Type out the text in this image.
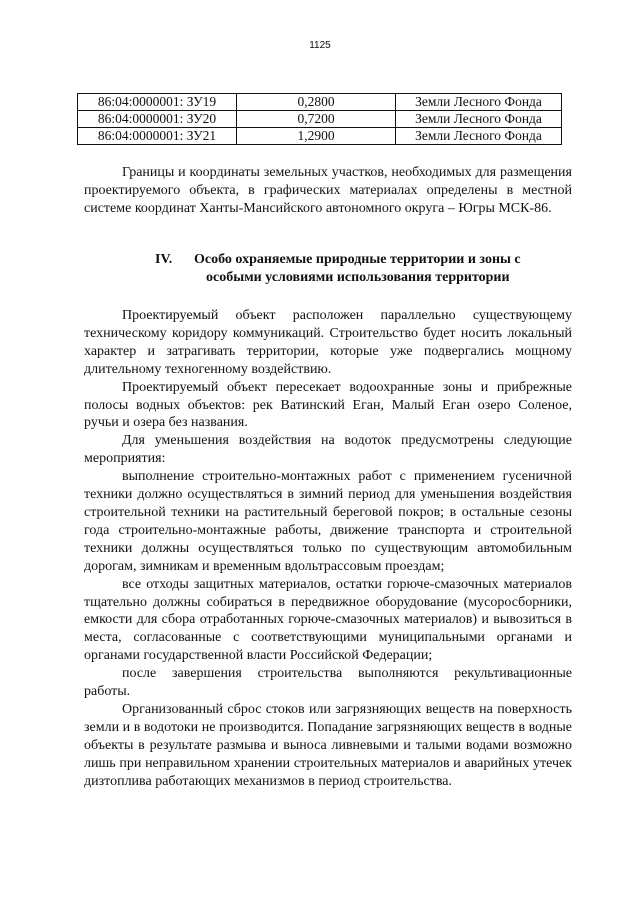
1125
86:04:0000001: ЗУ19	0,2800	Земли Лесного Фонда
86:04:0000001: ЗУ20	0,7200	Земли Лесного Фонда
86:04:0000001: ЗУ21	1,2900	Земли Лесного Фонда

Границы и координаты земельных участков, необходимых для размещения проектируемого объекта, в графических материалах определены в местной системе координат Ханты-Мансийского автономного округа – Югры МСК-86.

IV. Особо охраняемые природные территории и зоны с
особыми условиями использования территории

Проектируемый объект расположен параллельно существующему техническому коридору коммуникаций. Строительство будет носить локальный характер и затрагивать территории, которые уже подвергались мощному длительному техногенному воздействию.

Проектируемый объект пересекает водоохранные зоны и прибрежные полосы водных объектов: рек Ватинский Еган, Малый Еган озеро Соленое, ручьи и озера без названия.

Для уменьшения воздействия на водоток предусмотрены следующие мероприятия:

выполнение строительно-монтажных работ с применением гусеничной техники должно осуществляться в зимний период для уменьшения воздействия строительной техники на растительный береговой покров; в остальные сезоны года строительно-монтажные работы, движение транспорта и строительной техники должны осуществляться только по существующим автомобильным дорогам, зимникам и временным вдольтрассовым проездам;

все отходы защитных материалов, остатки горюче-смазочных материалов тщательно должны собираться в передвижное оборудование (мусоросборники, емкости для сбора отработанных горюче-смазочных материалов) и вывозиться в места, согласованные с соответствующими муниципальными органами и органами государственной власти Российской Федерации;

после завершения строительства выполняются рекультивационные работы.

Организованный сброс стоков или загрязняющих веществ на поверхность земли и в водотоки не производится. Попадание загрязняющих веществ в водные объекты в результате размыва и выноса ливневыми и талыми водами возможно лишь при неправильном хранении строительных материалов и аварийных утечек дизтоплива работающих механизмов в период строительства.
